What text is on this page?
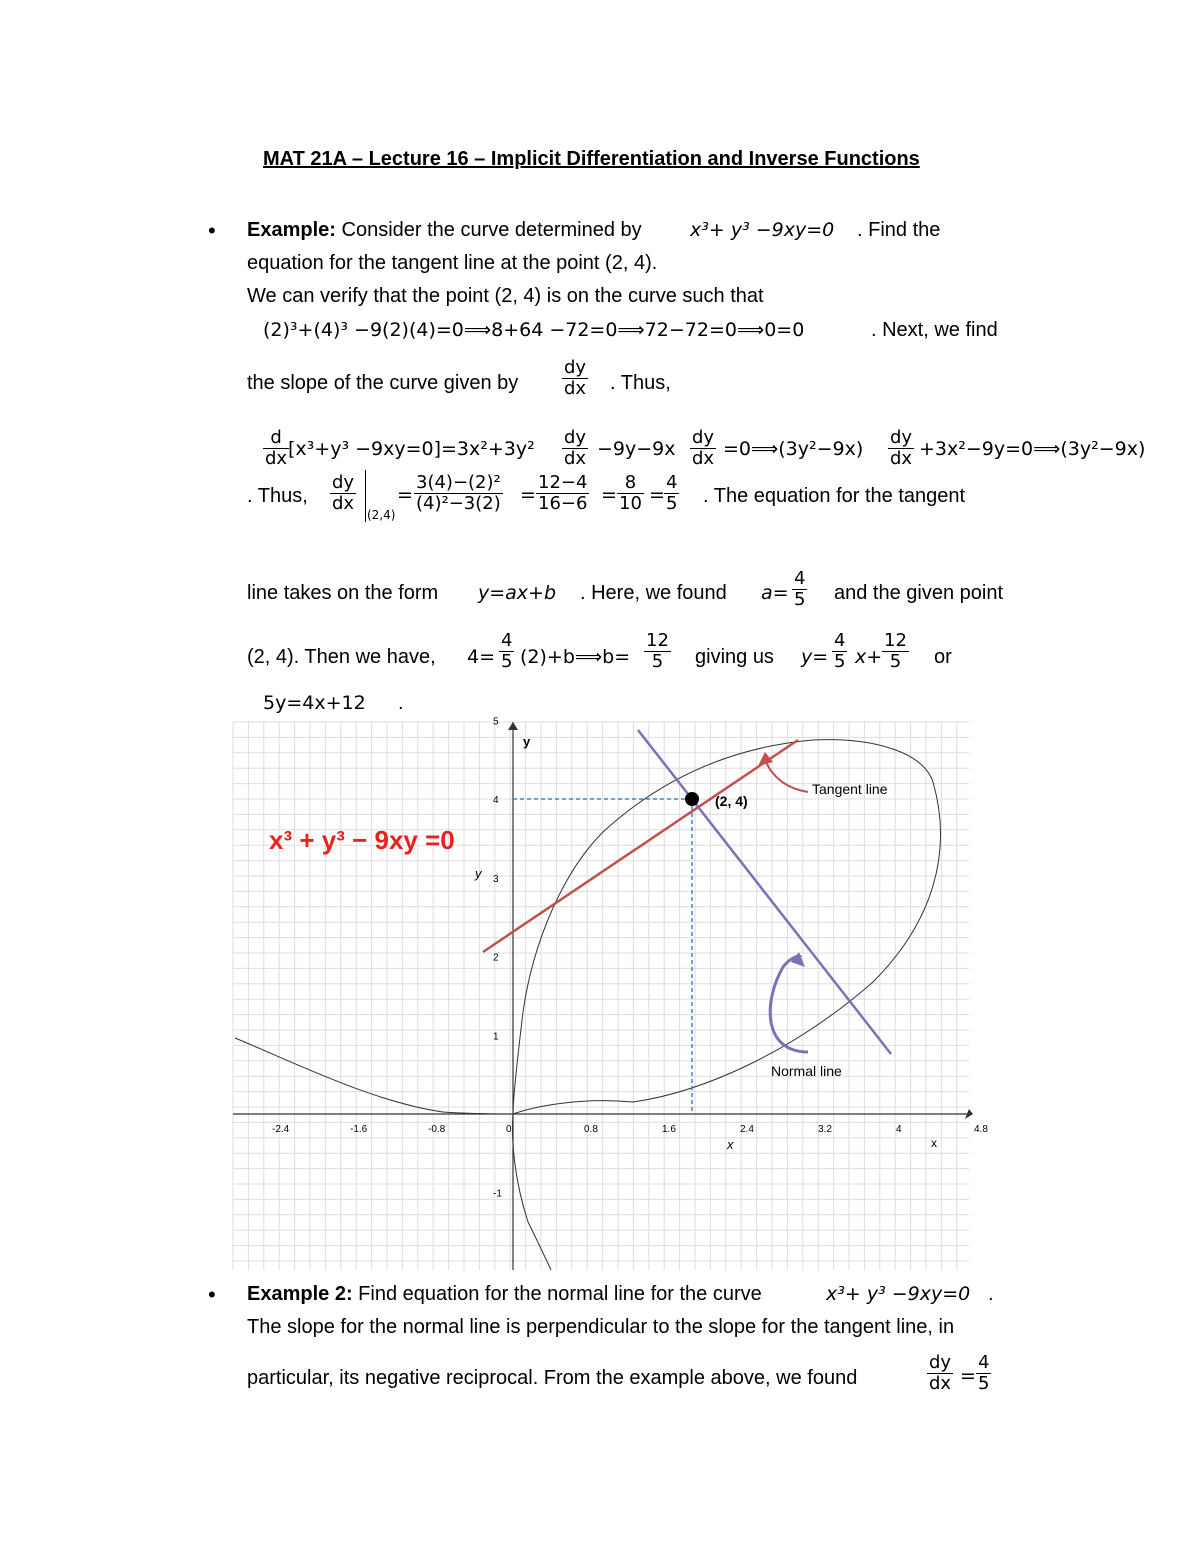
MAT 21A – Lecture 16 – Implicit Differentiation and Inverse Functions
• Example: Consider the curve determined by	x³+ y³ −9xy=0 . Find the
equation for the tangent line at the point (2, 4).
We can verify that the point (2, 4) is on the curve such that
(2)³+(4)³ −9(2)(4)=0⟹8+64 −72=0⟹72−72=0⟹0=0	. Next, we find
the slope of the curve given by $\frac{dy}{dx}$ . Thus,
$\frac{d}{dx}$
$[x^3+y^3 -9xy=0]=3x^2+3y^2 \frac{dy}{dx} -9y-9x \frac{dy}{dx}$ =0⟹(3y²−9x) $\frac{dy}{dx}$ +3x²−9y=0⟹(3y²−9x)
. Thus, $\frac{dy}{dx}$
(2,4)
= $\frac{\text{3(4)−(2)²}}{\text{(4)²−3(2)}} = \frac{12-4}{16-6} = \frac{8}{10} = \frac{4}{5}$ . The equation for the tangent
line takes on the form y=ax+b . Here, we found $a= \frac{4}{5}$ and the given point
(2, 4). Then we have, $4= \frac{4}{5}$ (2)+b⟹b= $\frac{12}{5}$ giving us $y= \frac{4}{5} x+ \frac{12}{5}$ or
5y=4x+12 .
-2.4	-1.6	-0.8	0	0.8	1.6	2.4	3.2	4	4.8
5
4
3
2
1
-1
(2, 4)
Tangent line
Normal line
x³ + y³ − 9xy =0
y
y
x	x
• Example 2: Find equation for the normal line for the curve	x³+ y³ −9xy=0 .
The slope for the normal line is perpendicular to the slope for the tangent line, in
particular, its negative reciprocal. From the example above, we found	$\frac{dy}{dx} = \frac{4}{5}$
